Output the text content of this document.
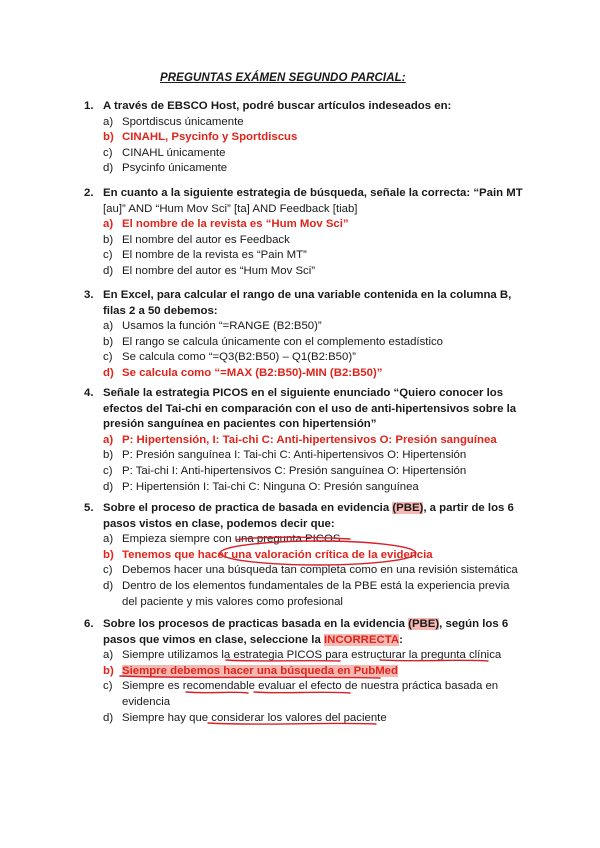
PREGUNTAS EXÁMEN SEGUNDO PARCIAL:
1. A través de EBSCO Host, podré buscar artículos indeseados en:
a) Sportdiscus únicamente
b) CINAHL, Psycinfo y Sportdiscus
c) CINAHL únicamente
d) Psycinfo únicamente
2. En cuanto a la siguiente estrategia de búsqueda, señale la correcta: “Pain MT
[au]” AND “Hum Mov Sci” [ta] AND Feedback [tiab]
a) El nombre de la revista es “Hum Mov Sci”
b) El nombre del autor es Feedback
c) El nombre de la revista es “Pain MT”
d) El nombre del autor es “Hum Mov Sci”
3. En Excel, para calcular el rango de una variable contenida en la columna B, filas 2 a 50 debemos:
a) Usamos la función “=RANGE (B2:B50)”
b) El rango se calcula únicamente con el complemento estadístico
c) Se calcula como “=Q3(B2:B50) – Q1(B2:B50)”
d) Se calcula como “=MAX (B2:B50)-MIN (B2:B50)”
4. Señale la estrategia PICOS en el siguiente enunciado “Quiero conocer los efectos del Tai-chi en comparación con el uso de anti-hipertensivos sobre la presión sanguínea en pacientes con hipertensión”
a) P: Hipertensión, I: Tai-chi C: Anti-hipertensivos O: Presión sanguínea
b) P: Presión sanguínea I: Tai-chi C: Anti-hipertensivos O: Hipertensión
c) P: Tai-chi I: Anti-hipertensivos C: Presión sanguínea O: Hipertensión
d) P: Hipertensión I: Tai-chi C: Ninguna O: Presión sanguínea
5. Sobre el proceso de practica de basada en evidencia (PBE), a partir de los 6 pasos vistos en clase, podemos decir que:
a) Empieza siempre con una pregunta PICOS
b) Tenemos que hacer una valoración crítica de la evidencia
c) Debemos hacer una búsqueda tan completa como en una revisión sistemática
d) Dentro de los elementos fundamentales de la PBE está la experiencia previa del paciente y mis valores como profesional
6. Sobre los procesos de practicas basada en la evidencia (PBE), según los 6 pasos que vimos en clase, seleccione la INCORRECTA:
a) Siempre utilizamos la estrategia PICOS para estructurar la pregunta clínica
b) Siempre debemos hacer una búsqueda en PubMed
c) Siempre es recomendable evaluar el efecto de nuestra práctica basada en evidencia
d) Siempre hay que considerar los valores del paciente
